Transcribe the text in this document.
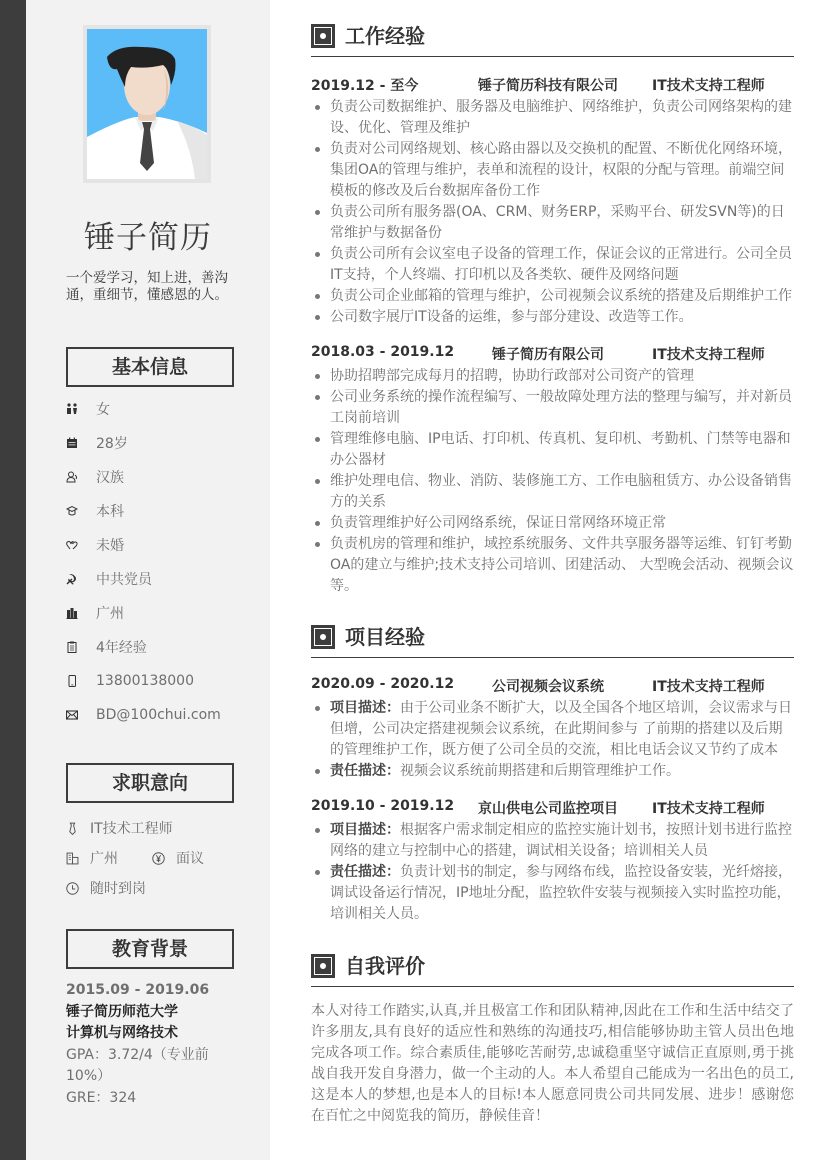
锤子简历
一个爱学习，知上进，善沟通，重细节，懂感恩的人。
基本信息
女
28岁
汉族
本科
未婚
中共党员
广州
4年经验
13800138000
BD@100chui.com
求职意向
IT技术工程师
广州	面议
随时到岗
教育背景
2015.09 - 2019.06
锤子简历师范大学
计算机与网络技术
GPA：3.72/4（专业前10%）
GRE：324
工作经验
2019.12 - 至今	锤子简历科技有限公司 IT技术支持工程师
负责公司数据维护、服务器及电脑维护、网络维护，负责公司网络架构的建设、优化、管理及维护
负责对公司网络规划、核心路由器以及交换机的配置、不断优化网络环境，集团OA的管理与维护，表单和流程的设计，权限的分配与管理。前端空间模板的修改及后台数据库备份工作
负责公司所有服务器(OA、CRM、财务ERP，采购平台、研发SVN等)的日常维护与数据备份
负责公司所有会议室电子设备的管理工作，保证会议的正常进行。公司全员IT支持，个人终端、打印机以及各类软、硬件及网络问题
负责公司企业邮箱的管理与维护，公司视频会议系统的搭建及后期维护工作
公司数字展厅IT设备的运维，参与部分建设、改造等工作。
2018.03 - 2019.12	锤子简历有限公司	IT技术支持工程师
协助招聘部完成每月的招聘，协助行政部对公司资产的管理
公司业务系统的操作流程编写、一般故障处理方法的整理与编写，并对新员工岗前培训
管理维修电脑、IP电话、打印机、传真机、复印机、考勤机、门禁等电器和办公器材
维护处理电信、物业、消防、装修施工方、工作电脑租赁方、办公设备销售方的关系
负责管理维护好公司网络系统，保证日常网络环境正常
负责机房的管理和维护，域控系统服务、文件共享服务器等运维、钉钉考勤OA的建立与维护;技术支持公司培训、团建活动、 大型晚会活动、视频会议等。
项目经验
2020.09 - 2020.12	公司视频会议系统	IT技术支持工程师
项目描述：由于公司业条不断扩大，以及全国各个地区培训，会议需求与日但增，公司决定搭建视频会议系统，在此期间参与 了前期的搭建以及后期的管理维护工作，既方便了公司全员的交流，相比电话会议又节约了成本
责任描述：视频会议系统前期搭建和后期管理维护工作。
2019.10 - 2019.12 京山供电公司监控项目 IT技术支持工程师
项目描述：根据客户需求制定相应的监控实施计划书，按照计划书进行监控网络的建立与控制中心的搭建，调试相关设备；培训相关人员
责任描述：负责计划书的制定，参与网络布线，监控设备安装，光纤熔接，调试设备运行情况，IP地址分配，监控软件安装与视频接入实时监控功能，培训相关人员。
自我评价
本人对待工作踏实,认真,并且极富工作和团队精神,因此在工作和生活中结交了许多朋友,具有良好的适应性和熟练的沟通技巧,相信能够协助主管人员出色地完成各项工作。综合素质佳,能够吃苦耐劳,忠诚稳重坚守诚信正直原则,勇于挑战自我开发自身潜力，做一个主动的人。本人希望自己能成为一名出色的员工,这是本人的梦想,也是本人的目标!本人愿意同贵公司共同发展、进步！感谢您在百忙之中阅览我的简历，静候佳音！
